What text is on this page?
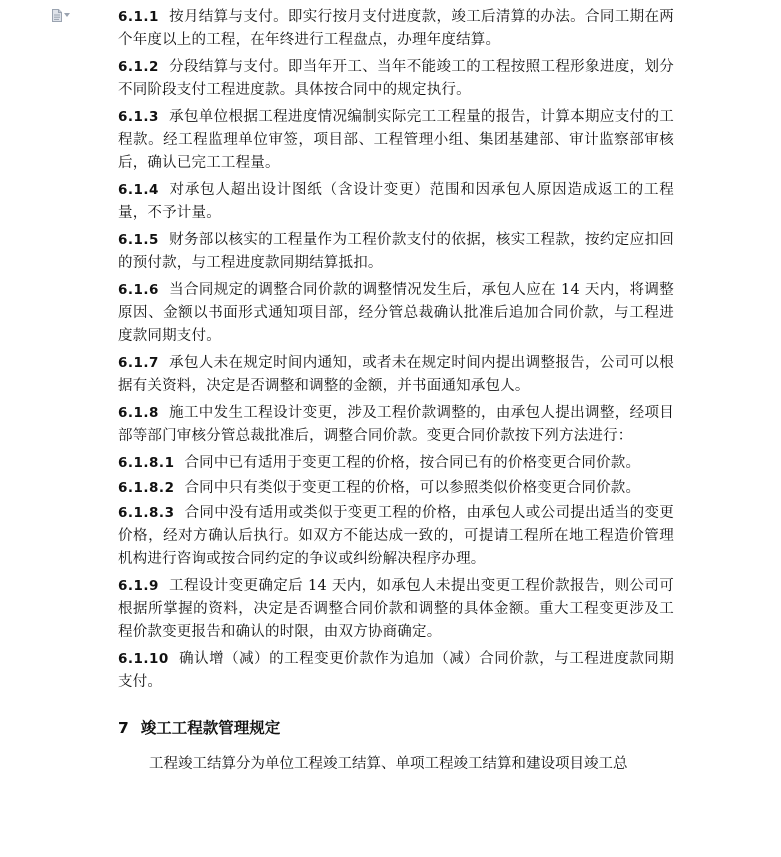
6.1.1 按月结算与支付。即实行按月支付进度款，竣工后清算的办法。合同工期在两个年度以上的工程，在年终进行工程盘点，办理年度结算。

6.1.2 分段结算与支付。即当年开工、当年不能竣工的工程按照工程形象进度，划分不同阶段支付工程进度款。具体按合同中的规定执行。

6.1.3 承包单位根据工程进度情况编制实际完工工程量的报告，计算本期应支付的工程款。经工程监理单位审签，项目部、工程管理小组、集团基建部、审计监察部审核后，确认已完工工程量。

6.1.4 对承包人超出设计图纸（含设计变更）范围和因承包人原因造成返工的工程量，不予计量。

6.1.5 财务部以核实的工程量作为工程价款支付的依据，核实工程款，按约定应扣回的预付款，与工程进度款同期结算抵扣。

6.1.6 当合同规定的调整合同价款的调整情况发生后，承包人应在 14 天内，将调整原因、金额以书面形式通知项目部，经分管总裁确认批准后追加合同价款，与工程进度款同期支付。

6.1.7 承包人未在规定时间内通知，或者未在规定时间内提出调整报告，公司可以根据有关资料，决定是否调整和调整的金额，并书面通知承包人。

6.1.8 施工中发生工程设计变更，涉及工程价款调整的，由承包人提出调整，经项目部等部门审核分管总裁批准后，调整合同价款。变更合同价款按下列方法进行：

6.1.8.1 合同中已有适用于变更工程的价格，按合同已有的价格变更合同价款。

6.1.8.2 合同中只有类似于变更工程的价格，可以参照类似价格变更合同价款。

6.1.8.3 合同中没有适用或类似于变更工程的价格，由承包人或公司提出适当的变更价格，经对方确认后执行。如双方不能达成一致的，可提请工程所在地工程造价管理机构进行咨询或按合同约定的争议或纠纷解决程序办理。

6.1.9 工程设计变更确定后 14 天内，如承包人未提出变更工程价款报告，则公司可根据所掌握的资料，决定是否调整合同价款和调整的具体金额。重大工程变更涉及工程价款变更报告和确认的时限，由双方协商确定。

6.1.10 确认增（减）的工程变更价款作为追加（减）合同价款，与工程进度款同期支付。

7 竣工工程款管理规定

工程竣工结算分为单位工程竣工结算、单项工程竣工结算和建设项目竣工总
